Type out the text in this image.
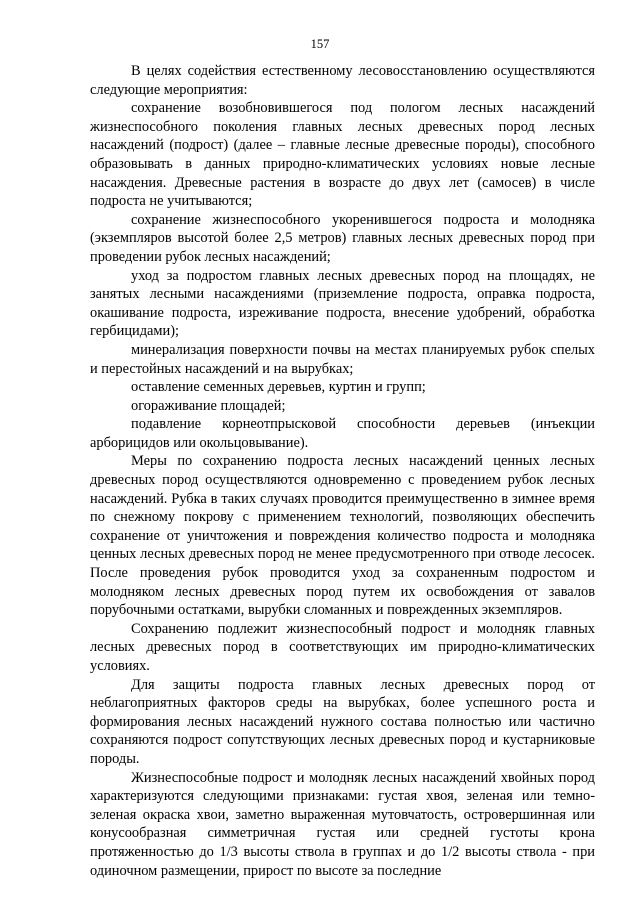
157

В целях содействия естественному лесовосстановлению осуществляются следующие мероприятия:

сохранение возобновившегося под пологом лесных насаждений жизнеспособного поколения главных лесных древесных пород лесных насаждений (подрост) (далее – главные лесные древесные породы), способного образовывать в данных природно-климатических условиях новые лесные насаждения. Древесные растения в возрасте до двух лет (самосев) в числе подроста не учитываются;

сохранение жизнеспособного укоренившегося подроста и молодняка (экземпляров высотой более 2,5 метров) главных лесных древесных пород при проведении рубок лесных насаждений;

уход за подростом главных лесных древесных пород на площадях, не занятых лесными насаждениями (приземление подроста, оправка подроста, окашивание подроста, изреживание подроста, внесение удобрений, обработка гербицидами);

минерализация поверхности почвы на местах планируемых рубок спелых и перестойных насаждений и на вырубках;

оставление семенных деревьев, куртин и групп;

огораживание площадей;

подавление корнеотпрысковой способности деревьев (инъекции арборицидов или окольцовывание).

Меры по сохранению подроста лесных насаждений ценных лесных древесных пород осуществляются одновременно с проведением рубок лесных насаждений. Рубка в таких случаях проводится преимущественно в зимнее время по снежному покрову с применением технологий, позволяющих обеспечить сохранение от уничтожения и повреждения количество подроста и молодняка ценных лесных древесных пород не менее предусмотренного при отводе лесосек. После проведения рубок проводится уход за сохраненным подростом и молодняком лесных древесных пород путем их освобождения от завалов порубочными остатками, вырубки сломанных и поврежденных экземпляров.

Сохранению подлежит жизнеспособный подрост и молодняк главных лесных древесных пород в соответствующих им природно-климатических условиях.

Для защиты подроста главных лесных древесных пород от неблагоприятных факторов среды на вырубках, более успешного роста и формирования лесных насаждений нужного состава полностью или частично сохраняются подрост сопутствующих лесных древесных пород и кустарниковые породы.

Жизнеспособные подрост и молодняк лесных насаждений хвойных пород характеризуются следующими признаками: густая хвоя, зеленая или темно-зеленая окраска хвои, заметно выраженная мутовчатость, островершинная или конусообразная симметричная густая или средней густоты крона протяженностью до 1/3 высоты ствола в группах и до 1/2 высоты ствола - при одиночном размещении, прирост по высоте за последние
